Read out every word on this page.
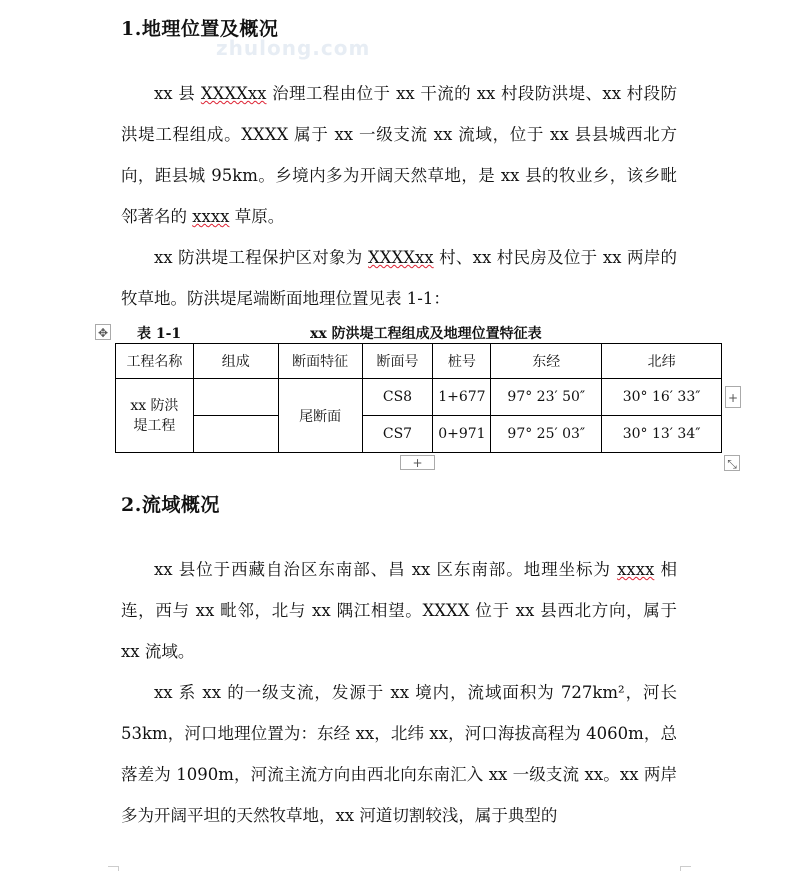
zhulong.com
1.地理位置及概况

xx 县 XXXXxx 治理工程由位于 xx 干流的 xx 村段防洪堤、xx 村段防洪堤工程组成。XXXX 属于 xx 一级支流 xx 流域，位于 xx 县县城西北方向，距县城 95km。乡境内多为开阔天然草地，是 xx 县的牧业乡，该乡毗邻著名的 xxxx 草原。

xx 防洪堤工程保护区对象为 XXXXxx 村、xx 村民房及位于 xx 两岸的牧草地。防洪堤尾端断面地理位置见表 1-1：

✥ 表 1-1	xx 防洪堤工程组成及地理位置特征表
工程名称	组成	断面特征	断面号	桩号	东经	北纬
xx 防洪堤工程		尾断面	CS8	1+677	97° 23′ 50″	30° 16′ 33″
			CS7	0+971	97° 25′ 03″	30° 13′ 34″
+
+	⤡
2.流域概况

xx 县位于西藏自治区东南部、昌 xx 区东南部。地理坐标为 xxxx 相连，西与 xx 毗邻，北与 xx 隅江相望。XXXX 位于 xx 县西北方向，属于 xx 流域。

xx 系 xx 的一级支流，发源于 xx 境内，流域面积为 727km²，河长 53km，河口地理位置为：东经 xx，北纬 xx，河口海拔高程为 4060m，总落差为 1090m，河流主流方向由西北向东南汇入 xx 一级支流 xx。xx 两岸多为开阔平坦的天然牧草地，xx 河道切割较浅，属于典型的
